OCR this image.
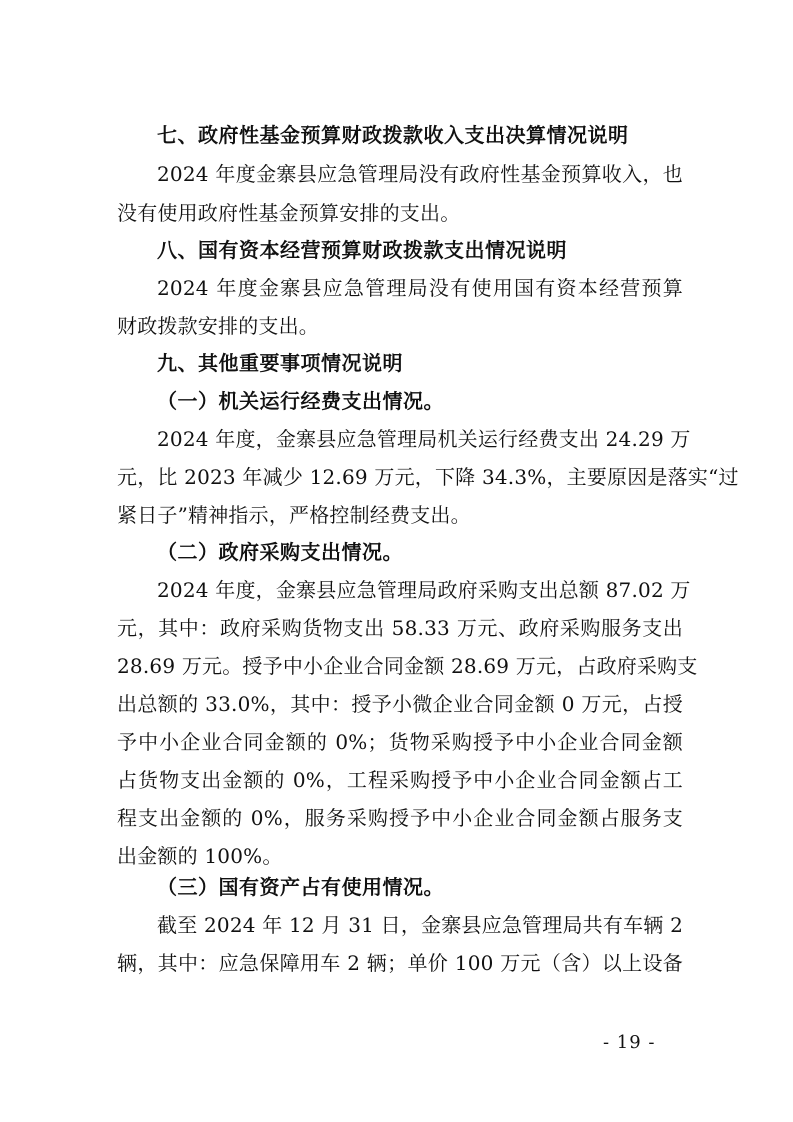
七、政府性基金预算财政拨款收入支出决算情况说明
2024 年度金寨县应急管理局没有政府性基金预算收入，也
没有使用政府性基金预算安排的支出。
八、国有资本经营预算财政拨款支出情况说明
2024 年度金寨县应急管理局没有使用国有资本经营预算
财政拨款安排的支出。
九、其他重要事项情况说明
（一）机关运行经费支出情况。
2024 年度，金寨县应急管理局机关运行经费支出 24.29 万
元，比 2023 年减少 12.69 万元，下降 34.3%，主要原因是落实“过
紧日子”精神指示，严格控制经费支出。
（二）政府采购支出情况。
2024 年度，金寨县应急管理局政府采购支出总额 87.02 万
元，其中：政府采购货物支出 58.33 万元、政府采购服务支出
28.69 万元。授予中小企业合同金额 28.69 万元，占政府采购支
出总额的 33.0%，其中：授予小微企业合同金额 0 万元，占授
予中小企业合同金额的 0%；货物采购授予中小企业合同金额
占货物支出金额的 0%，工程采购授予中小企业合同金额占工
程支出金额的 0%，服务采购授予中小企业合同金额占服务支
出金额的 100%。
（三）国有资产占有使用情况。
截至 2024 年 12 月 31 日，金寨县应急管理局共有车辆 2
辆，其中：应急保障用车 2 辆；单价 100 万元（含）以上设备
- 19 -
